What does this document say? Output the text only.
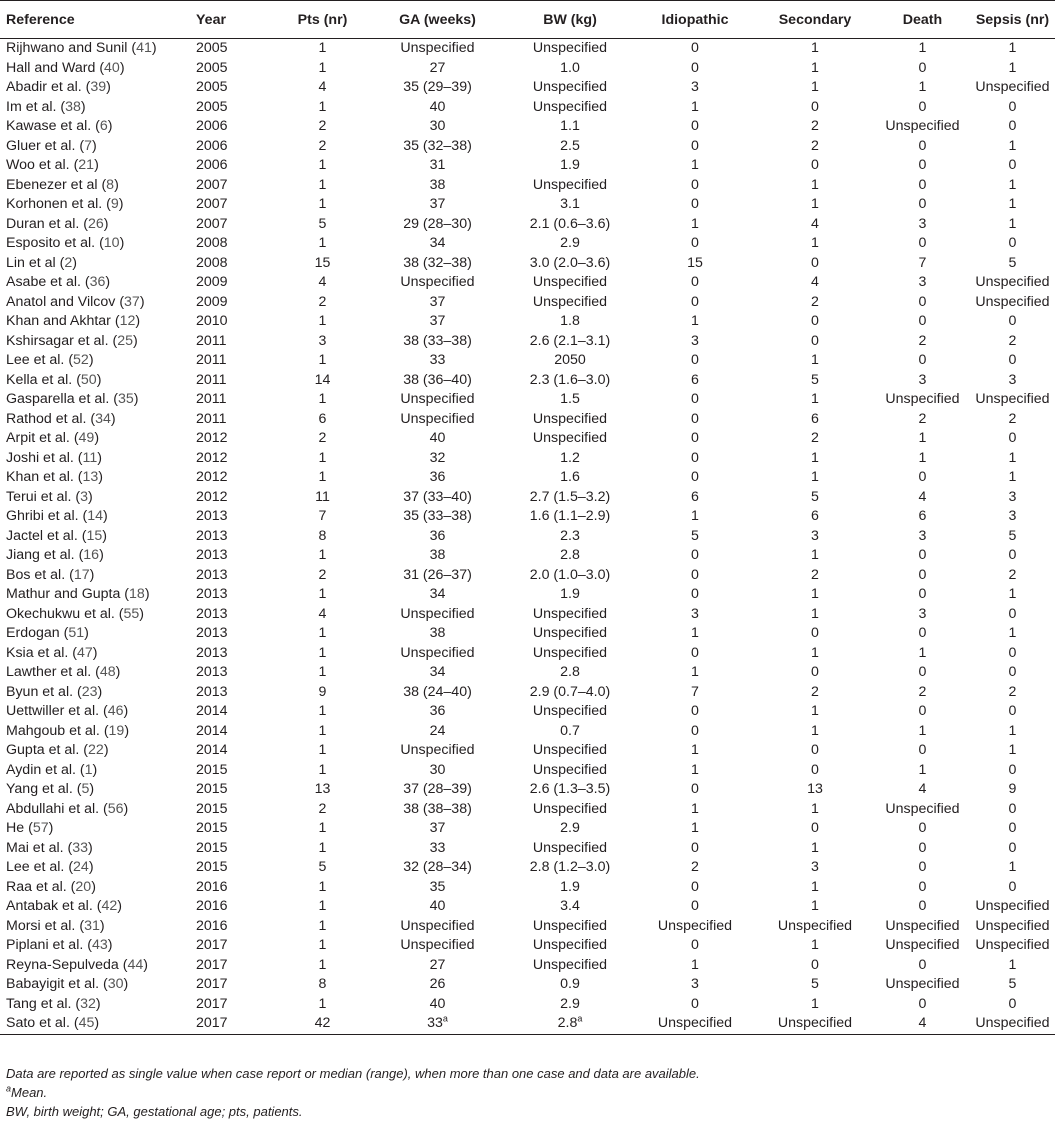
Reference	Year	Pts (nr)	GA (weeks)	BW (kg)	Idiopathic	Secondary	Death	Sepsis (nr)
Rijhwano and Sunil (41)	2005	1	Unspecified	Unspecified	0	1	1	1
Hall and Ward (40)	2005	1	27	1.0	0	1	0	1
Abadir et al. (39)	2005	4	35 (29–39)	Unspecified	3	1	1	Unspecified
Im et al. (38)	2005	1	40	Unspecified	1	0	0	0
Kawase et al. (6)	2006	2	30	1.1	0	2	Unspecified	0
Gluer et al. (7)	2006	2	35 (32–38)	2.5	0	2	0	1
Woo et al. (21)	2006	1	31	1.9	1	0	0	0
Ebenezer et al (8)	2007	1	38	Unspecified	0	1	0	1
Korhonen et al. (9)	2007	1	37	3.1	0	1	0	1
Duran et al. (26)	2007	5	29 (28–30)	2.1 (0.6–3.6)	1	4	3	1
Esposito et al. (10)	2008	1	34	2.9	0	1	0	0
Lin et al (2)	2008	15	38 (32–38)	3.0 (2.0–3.6)	15	0	7	5
Asabe et al. (36)	2009	4	Unspecified	Unspecified	0	4	3	Unspecified
Anatol and Vilcov (37)	2009	2	37	Unspecified	0	2	0	Unspecified
Khan and Akhtar (12)	2010	1	37	1.8	1	0	0	0
Kshirsagar et al. (25)	2011	3	38 (33–38)	2.6 (2.1–3.1)	3	0	2	2
Lee et al. (52)	2011	1	33	2050	0	1	0	0
Kella et al. (50)	2011	14	38 (36–40)	2.3 (1.6–3.0)	6	5	3	3
Gasparella et al. (35)	2011	1	Unspecified	1.5	0	1	Unspecified	Unspecified
Rathod et al. (34)	2011	6	Unspecified	Unspecified	0	6	2	2
Arpit et al. (49)	2012	2	40	Unspecified	0	2	1	0
Joshi et al. (11)	2012	1	32	1.2	0	1	1	1
Khan et al. (13)	2012	1	36	1.6	0	1	0	1
Terui et al. (3)	2012	11	37 (33–40)	2.7 (1.5–3.2)	6	5	4	3
Ghribi et al. (14)	2013	7	35 (33–38)	1.6 (1.1–2.9)	1	6	6	3
Jactel et al. (15)	2013	8	36	2.3	5	3	3	5
Jiang et al. (16)	2013	1	38	2.8	0	1	0	0
Bos et al. (17)	2013	2	31 (26–37)	2.0 (1.0–3.0)	0	2	0	2
Mathur and Gupta (18)	2013	1	34	1.9	0	1	0	1
Okechukwu et al. (55)	2013	4	Unspecified	Unspecified	3	1	3	0
Erdogan (51)	2013	1	38	Unspecified	1	0	0	1
Ksia et al. (47)	2013	1	Unspecified	Unspecified	0	1	1	0
Lawther et al. (48)	2013	1	34	2.8	1	0	0	0
Byun et al. (23)	2013	9	38 (24–40)	2.9 (0.7–4.0)	7	2	2	2
Uettwiller et al. (46)	2014	1	36	Unspecified	0	1	0	0
Mahgoub et al. (19)	2014	1	24	0.7	0	1	1	1
Gupta et al. (22)	2014	1	Unspecified	Unspecified	1	0	0	1
Aydin et al. (1)	2015	1	30	Unspecified	1	0	1	0
Yang et al. (5)	2015	13	37 (28–39)	2.6 (1.3–3.5)	0	13	4	9
Abdullahi et al. (56)	2015	2	38 (38–38)	Unspecified	1	1	Unspecified	0
He (57)	2015	1	37	2.9	1	0	0	0
Mai et al. (33)	2015	1	33	Unspecified	0	1	0	0
Lee et al. (24)	2015	5	32 (28–34)	2.8 (1.2–3.0)	2	3	0	1
Raa et al. (20)	2016	1	35	1.9	0	1	0	0
Antabak et al. (42)	2016	1	40	3.4	0	1	0	Unspecified
Morsi et al. (31)	2016	1	Unspecified	Unspecified	Unspecified	Unspecified	Unspecified	Unspecified
Piplani et al. (43)	2017	1	Unspecified	Unspecified	0	1	Unspecified	Unspecified
Reyna-Sepulveda (44)	2017	1	27	Unspecified	1	0	0	1
Babayigit et al. (30)	2017	8	26	0.9	3	5	Unspecified	5
Tang et al. (32)	2017	1	40	2.9	0	1	0	0
Sato et al. (45)	2017	42	33$^a$	2.8$^a$	Unspecified	Unspecified	4	Unspecified
Data are reported as single value when case report or median (range), when more than one case and data are available.
$^a$Mean.
BW, birth weight; GA, gestational age; pts, patients.
